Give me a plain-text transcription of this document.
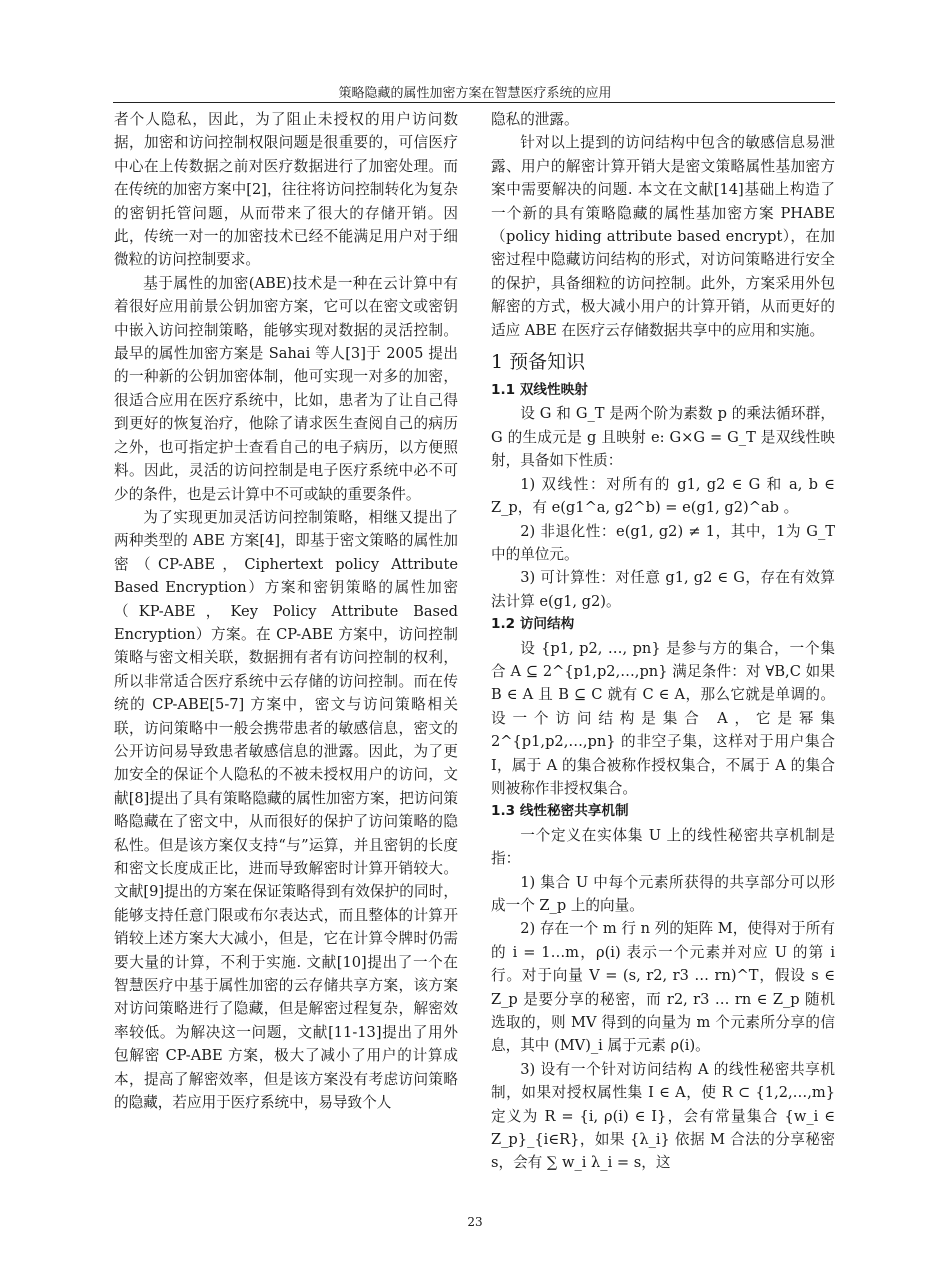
策略隐藏的属性加密方案在智慧医疗系统的应用

者个人隐私，因此，为了阻止未授权的用户访问数据，加密和访问控制权限问题是很重要的，可信医疗中心在上传数据之前对医疗数据进行了加密处理。而在传统的加密方案中[2]，往往将访问控制转化为复杂的密钥托管问题，从而带来了很大的存储开销。因此，传统一对一的加密技术已经不能满足用户对于细微粒的访问控制要求。

基于属性的加密(ABE)技术是一种在云计算中有着很好应用前景公钥加密方案，它可以在密文或密钥中嵌入访问控制策略，能够实现对数据的灵活控制。最早的属性加密方案是 Sahai 等人[3]于 2005 提出的一种新的公钥加密体制，他可实现一对多的加密，很适合应用在医疗系统中，比如，患者为了让自己得到更好的恢复治疗，他除了请求医生查阅自己的病历之外，也可指定护士查看自己的电子病历，以方便照料。因此，灵活的访问控制是电子医疗系统中必不可少的条件，也是云计算中不可或缺的重要条件。

为了实现更加灵活访问控制策略，相继又提出了两种类型的 ABE 方案[4]，即基于密文策略的属性加密（CP-ABE，Ciphertext policy Attribute Based Encryption）方案和密钥策略的属性加密（KP-ABE，Key Policy Attribute Based Encryption）方案。在 CP-ABE 方案中，访问控制策略与密文相关联，数据拥有者有访问控制的权利，所以非常适合医疗系统中云存储的访问控制。而在传统的 CP-ABE[5-7] 方案中，密文与访问策略相关联，访问策略中一般会携带患者的敏感信息，密文的公开访问易导致患者敏感信息的泄露。因此，为了更加安全的保证个人隐私的不被未授权用户的访问，文献[8]提出了具有策略隐藏的属性加密方案，把访问策略隐藏在了密文中，从而很好的保护了访问策略的隐私性。但是该方案仅支持“与”运算，并且密钥的长度和密文长度成正比，进而导致解密时计算开销较大。文献[9]提出的方案在保证策略得到有效保护的同时，能够支持任意门限或布尔表达式，而且整体的计算开销较上述方案大大减小，但是，它在计算令牌时仍需要大量的计算，不利于实施. 文献[10]提出了一个在智慧医疗中基于属性加密的云存储共享方案，该方案对访问策略进行了隐藏，但是解密过程复杂，解密效率较低。为解决这一问题，文献[11-13]提出了用外包解密 CP-ABE 方案，极大了减小了用户的计算成本，提高了解密效率，但是该方案没有考虑访问策略的隐藏，若应用于医疗系统中，易导致个人

隐私的泄露。

针对以上提到的访问结构中包含的敏感信息易泄露、用户的解密计算开销大是密文策略属性基加密方案中需要解决的问题. 本文在文献[14]基础上构造了一个新的具有策略隐藏的属性基加密方案 PHABE（policy hiding attribute based encrypt），在加密过程中隐藏访问结构的形式，对访问策略进行安全的保护，具备细粒的访问控制。此外，方案采用外包解密的方式，极大减小用户的计算开销，从而更好的适应 ABE 在医疗云存储数据共享中的应用和实施。

1 预备知识
1.1 双线性映射

设 G 和 G_T 是两个阶为素数 p 的乘法循环群，G 的生成元是 g 且映射 e: G×G = G_T 是双线性映射，具备如下性质：

1) 双线性：对所有的 g1, g2 ∈ G 和 a, b ∈ Z_p，有 e(g1^a, g2^b) = e(g1, g2)^ab 。

2) 非退化性：e(g1, g2) ≠ 1，其中，1为 G_T 中的单位元。

3) 可计算性：对任意 g1, g2 ∈ G，存在有效算法计算 e(g1, g2)。

1.2 访问结构

设 {p1, p2, …, pn} 是参与方的集合，一个集合 A ⊆ 2^{p1,p2,…,pn} 满足条件：对 ∀B,C 如果 B ∈ A 且 B ⊆ C 就有 C ∈ A，那么它就是单调的。设一个访问结构是集合 A，它是幂集 2^{p1,p2,…,pn} 的非空子集，这样对于用户集合 I，属于 A 的集合被称作授权集合，不属于 A 的集合则被称作非授权集合。

1.3 线性秘密共享机制

一个定义在实体集 U 上的线性秘密共享机制是指：

1) 集合 U 中每个元素所获得的共享部分可以形成一个 Z_p 上的向量。

2) 存在一个 m 行 n 列的矩阵 M，使得对于所有的 i = 1…m，ρ(i) 表示一个元素并对应 U 的第 i 行。对于向量 V = (s, r2, r3 … rn)^T，假设 s ∈ Z_p 是要分享的秘密，而 r2, r3 … rn ∈ Z_p 随机选取的，则 MV 得到的向量为 m 个元素所分享的信息，其中 (MV)_i 属于元素 ρ(i)。

3) 设有一个针对访问结构 A 的线性秘密共享机制，如果对授权属性集 I ∈ A，使 R ⊂ {1,2,…,m} 定义为 R = {i, ρ(i) ∈ I}，会有常量集合 {w_i ∈ Z_p}_{i∈R}，如果 {λ_i} 依据 M 合法的分享秘密 s，会有 ∑ w_i λ_i = s，这

23
